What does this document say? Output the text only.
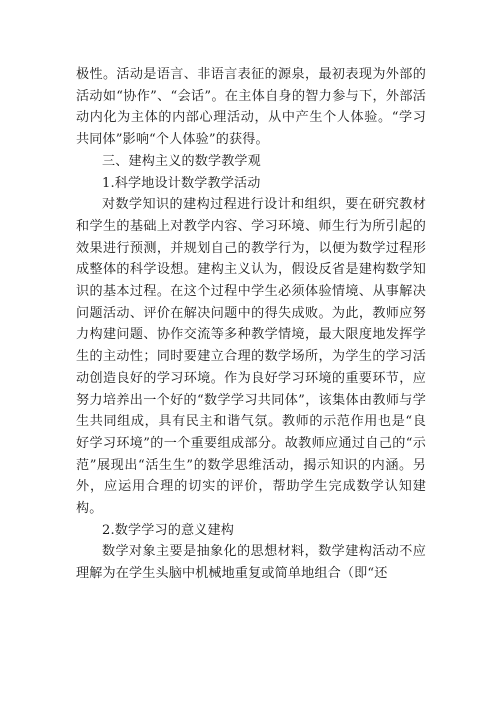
极性。活动是语言、非语言表征的源泉，最初表现为外部的活动如“协作”、“会话”。在主体自身的智力参与下，外部活动内化为主体的内部心理活动，从中产生个人体验。“学习共同体”影响“个人体验”的获得。

三、建构主义的数学教学观

1.科学地设计数学教学活动

对数学知识的建构过程进行设计和组织，要在研究教材和学生的基础上对教学内容、学习环境、师生行为所引起的效果进行预测，并规划自己的教学行为，以便为数学过程形成整体的科学设想。建构主义认为，假设反省是建构数学知识的基本过程。在这个过程中学生必须体验情境、从事解决问题活动、评价在解决问题中的得失成败。为此，教师应努力构建问题、协作交流等多种教学情境，最大限度地发挥学生的主动性；同时要建立合理的数学场所，为学生的学习活动创造良好的学习环境。作为良好学习环境的重要环节，应努力培养出一个好的“数学学习共同体”，该集体由教师与学生共同组成，具有民主和谐气氛。教师的示范作用也是“良好学习环境”的一个重要组成部分。故教师应通过自己的“示范”展现出“活生生”的数学思维活动，揭示知识的内涵。另外，应运用合理的切实的评价，帮助学生完成数学认知建构。

2.数学学习的意义建构

数学对象主要是抽象化的思想材料，数学建构活动不应理解为在学生头脑中机械地重复或简单地组合（即“还
